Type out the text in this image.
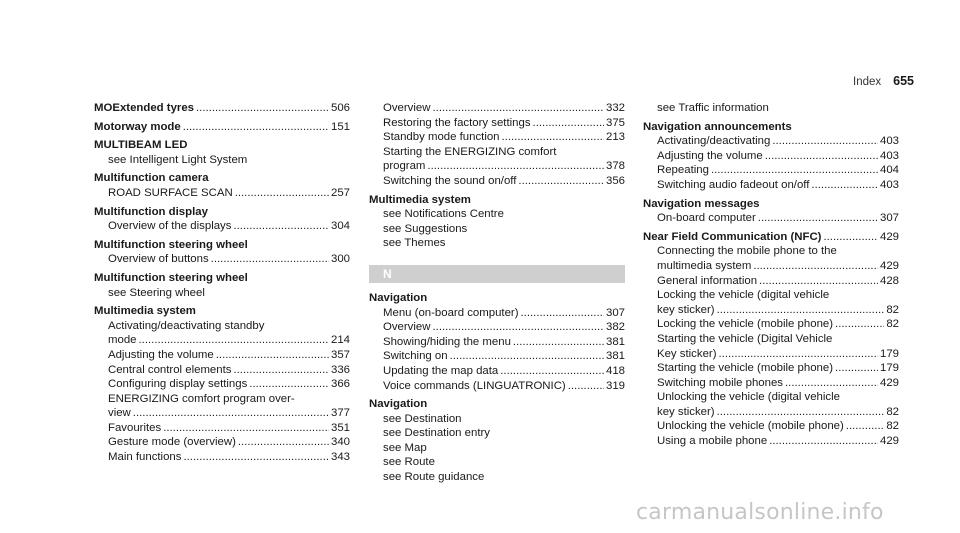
Index 655
MOExtended tyres .....	506
Motorway mode .....	151
MULTIBEAM LED
see Intelligent Light System
Multifunction camera
ROAD SURFACE SCAN .....	257
Multifunction display
Overview of the displays .....	304
Multifunction steering wheel
Overview of buttons .....	300
Multifunction steering wheel
see Steering wheel
Multimedia system
Activating/deactivating standby
mode .....	214
Adjusting the volume .....	357
Central control elements .....	336
Configuring display settings .....	366
ENERGIZING comfort program over-
view .....	377
Favourites .....	351
Gesture mode (overview) .....	340
Main functions .....	343
Overview .....	332
Restoring the factory settings .....	375
Standby mode function .....	213
Starting the ENERGIZING comfort
program .....	378
Switching the sound on/off .....	356
Multimedia system
see Notifications Centre
see Suggestions
see Themes
N
Navigation
Menu (on-board computer) .....	307
Overview .....	382
Showing/hiding the menu .....	381
Switching on .....	381
Updating the map data .....	418
Voice commands (LINGUATRONIC) .....	319
Navigation
see Destination
see Destination entry
see Map
see Route
see Route guidance
see Traffic information
Navigation announcements
Activating/deactivating .....	403
Adjusting the volume .....	403
Repeating .....	404
Switching audio fadeout on/off .....	403
Navigation messages
On-board computer .....	307
Near Field Communication (NFC) .....	429
Connecting the mobile phone to the
multimedia system .....	429
General information .....	428
Locking the vehicle (digital vehicle
key sticker) .....	82
Locking the vehicle (mobile phone) .....	82
Starting the vehicle (Digital Vehicle
Key sticker) .....	179
Starting the vehicle (mobile phone) .....	179
Switching mobile phones .....	429
Unlocking the vehicle (digital vehicle
key sticker) .....	82
Unlocking the vehicle (mobile phone) .....	82
Using a mobile phone .....	429
carmanualsonline.info
